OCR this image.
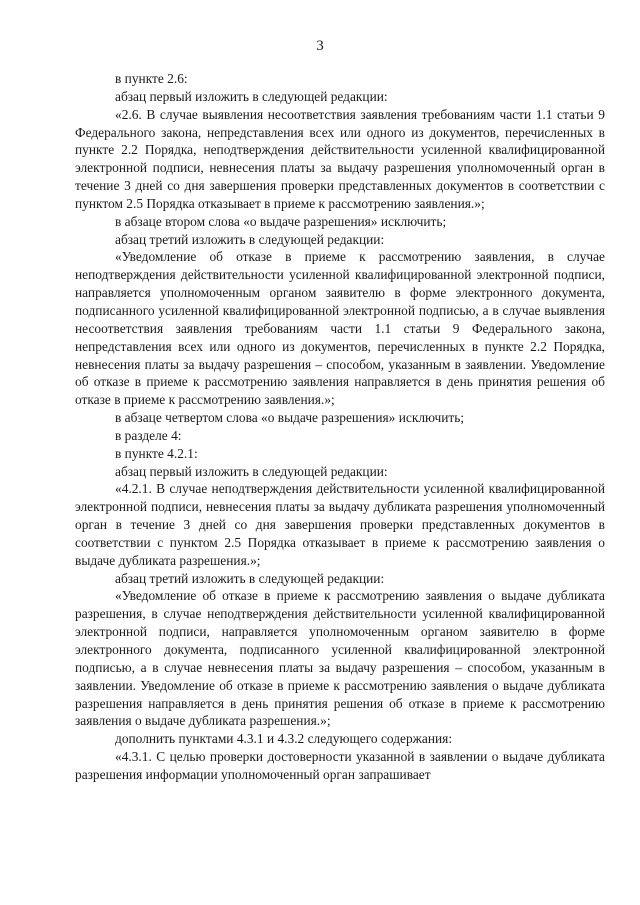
3

в пункте 2.6:

абзац первый изложить в следующей редакции:

«2.6. В случае выявления несоответствия заявления требованиям части 1.1 статьи 9 Федерального закона, непредставления всех или одного из документов, перечисленных в пункте 2.2 Порядка, неподтверждения действительности усиленной квалифицированной электронной подписи, невнесения платы за выдачу разрешения уполномоченный орган в течение 3 дней со дня завершения проверки представленных документов в соответствии с пунктом 2.5 Порядка отказывает в приеме к рассмотрению заявления.»;

в абзаце втором слова «о выдаче разрешения» исключить;

абзац третий изложить в следующей редакции:

«Уведомление об отказе в приеме к рассмотрению заявления, в случае неподтверждения действительности усиленной квалифицированной электронной подписи, направляется уполномоченным органом заявителю в форме электронного документа, подписанного усиленной квалифицированной электронной подписью, а в случае выявления несоответствия заявления требованиям части 1.1 статьи 9 Федерального закона, непредставления всех или одного из документов, перечисленных в пункте 2.2 Порядка, невнесения платы за выдачу разрешения – способом, указанным в заявлении. Уведомление об отказе в приеме к рассмотрению заявления направляется в день принятия решения об отказе в приеме к рассмотрению заявления.»;

в абзаце четвертом слова «о выдаче разрешения» исключить;

в разделе 4:

в пункте 4.2.1:

абзац первый изложить в следующей редакции:

«4.2.1. В случае неподтверждения действительности усиленной квалифицированной электронной подписи, невнесения платы за выдачу дубликата разрешения уполномоченный орган в течение 3 дней со дня завершения проверки представленных документов в соответствии с пунктом 2.5 Порядка отказывает в приеме к рассмотрению заявления о выдаче дубликата разрешения.»;

абзац третий изложить в следующей редакции:

«Уведомление об отказе в приеме к рассмотрению заявления о выдаче дубликата разрешения, в случае неподтверждения действительности усиленной квалифицированной электронной подписи, направляется уполномоченным органом заявителю в форме электронного документа, подписанного усиленной квалифицированной электронной подписью, а в случае невнесения платы за выдачу разрешения – способом, указанным в заявлении. Уведомление об отказе в приеме к рассмотрению заявления о выдаче дубликата разрешения направляется в день принятия решения об отказе в приеме к рассмотрению заявления о выдаче дубликата разрешения.»;

дополнить пунктами 4.3.1 и 4.3.2 следующего содержания:

«4.3.1. С целью проверки достоверности указанной в заявлении о выдаче дубликата разрешения информации уполномоченный орган запрашивает
